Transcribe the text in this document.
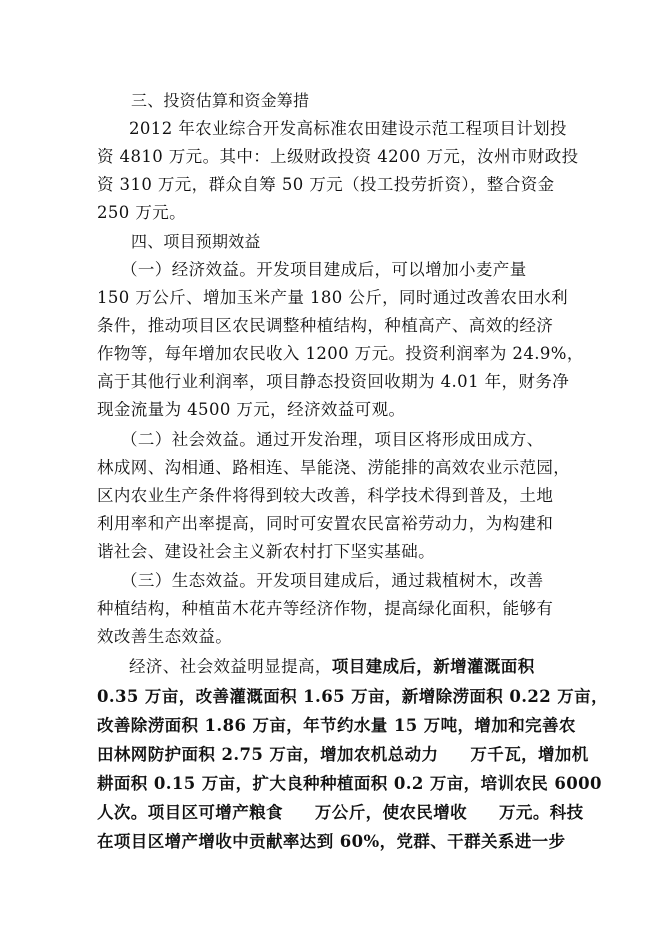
三、投资估算和资金筹措
2012 年农业综合开发高标准农田建设示范工程项目计划投
资 4810 万元。其中：上级财政投资 4200 万元，汝州市财政投
资 310 万元，群众自筹 50 万元（投工投劳折资），整合资金
250 万元。
四、项目预期效益
（一）经济效益。开发项目建成后，可以增加小麦产量
150 万公斤、增加玉米产量 180 公斤，同时通过改善农田水利
条件，推动项目区农民调整种植结构，种植高产、高效的经济
作物等，每年增加农民收入 1200 万元。投资利润率为 24.9%，
高于其他行业利润率，项目静态投资回收期为 4.01 年，财务净
现金流量为 4500 万元，经济效益可观。
（二）社会效益。通过开发治理，项目区将形成田成方、
林成网、沟相通、路相连、旱能浇、涝能排的高效农业示范园，
区内农业生产条件将得到较大改善，科学技术得到普及，土地
利用率和产出率提高，同时可安置农民富裕劳动力，为构建和
谐社会、建设社会主义新农村打下坚实基础。
（三）生态效益。开发项目建成后，通过栽植树木，改善
种植结构，种植苗木花卉等经济作物，提高绿化面积，能够有
效改善生态效益。
经济、社会效益明显提高，项目建成后，新增灌溉面积
0.35 万亩，改善灌溉面积 1.65 万亩，新增除涝面积 0.22 万亩，
改善除涝面积 1.86 万亩，年节约水量 15 万吨，增加和完善农
田林网防护面积 2.75 万亩，增加农机总动力 万千瓦，增加机
耕面积 0.15 万亩，扩大良种种植面积 0.2 万亩，培训农民 6000
人次。项目区可增产粮食 万公斤，使农民增收 万元。科技
在项目区增产增收中贡献率达到 60%，党群、干群关系进一步
